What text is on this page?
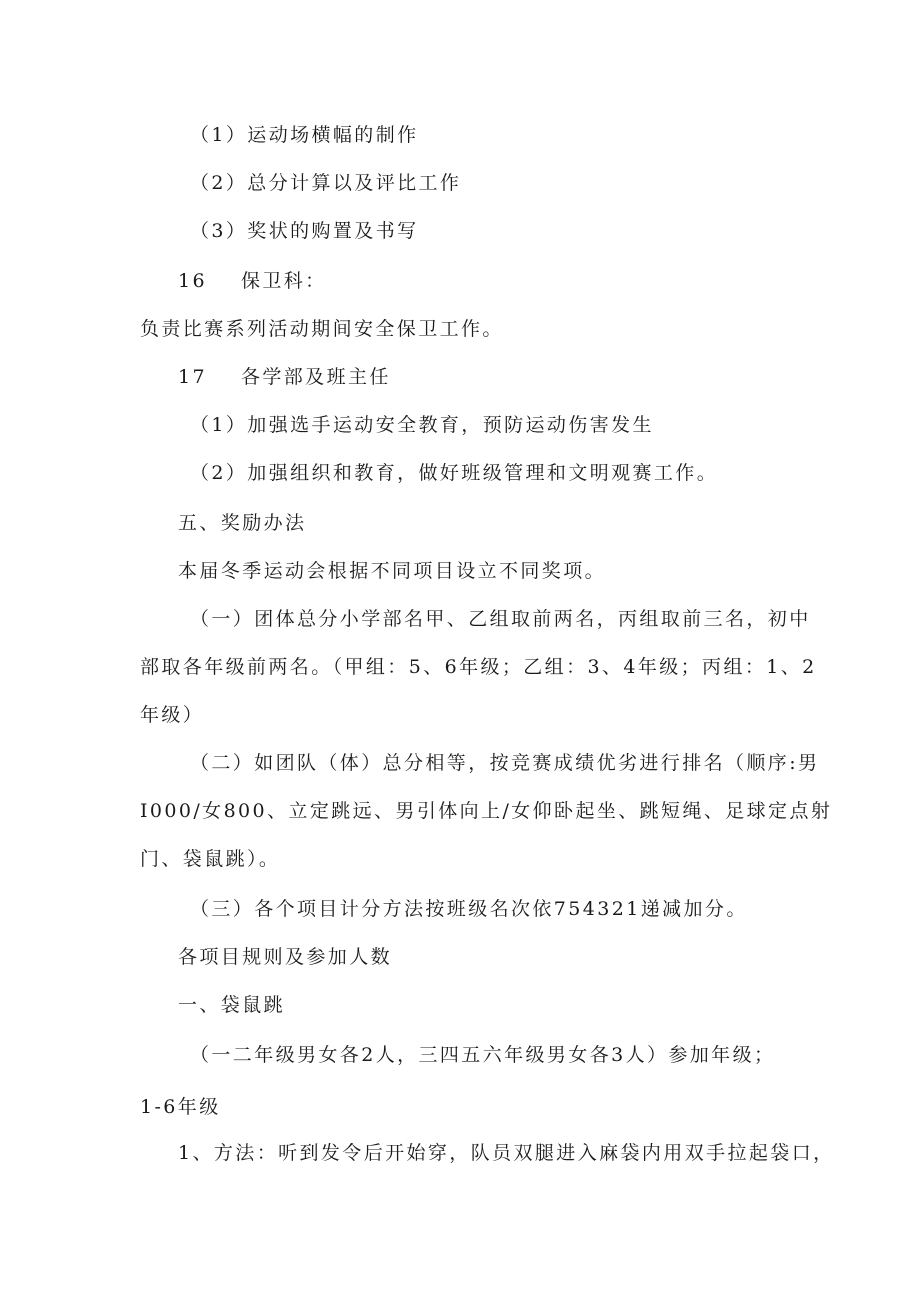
（1）运动场横幅的制作
（2）总分计算以及评比工作
（3）奖状的购置及书写
16 保卫科：
负责比赛系列活动期间安全保卫工作。
17 各学部及班主任
（1）加强选手运动安全教育，预防运动伤害发生
（2）加强组织和教育，做好班级管理和文明观赛工作。
五、奖励办法
本届冬季运动会根据不同项目设立不同奖项。
（一）团体总分小学部名甲、乙组取前两名，丙组取前三名，初中
部取各年级前两名。（甲组：5、6年级；乙组：3、4年级；丙组：1、2
年级）
（二）如团队（体）总分相等，按竞赛成绩优劣进行排名（顺序:男
I000/女800、立定跳远、男引体向上/女仰卧起坐、跳短绳、足球定点射
门、袋鼠跳）。
（三）各个项目计分方法按班级名次依754321递减加分。
各项目规则及参加人数
一、袋鼠跳
（一二年级男女各2人，三四五六年级男女各3人）参加年级；
1-6年级
1、方法：听到发令后开始穿，队员双腿进入麻袋内用双手拉起袋口，
